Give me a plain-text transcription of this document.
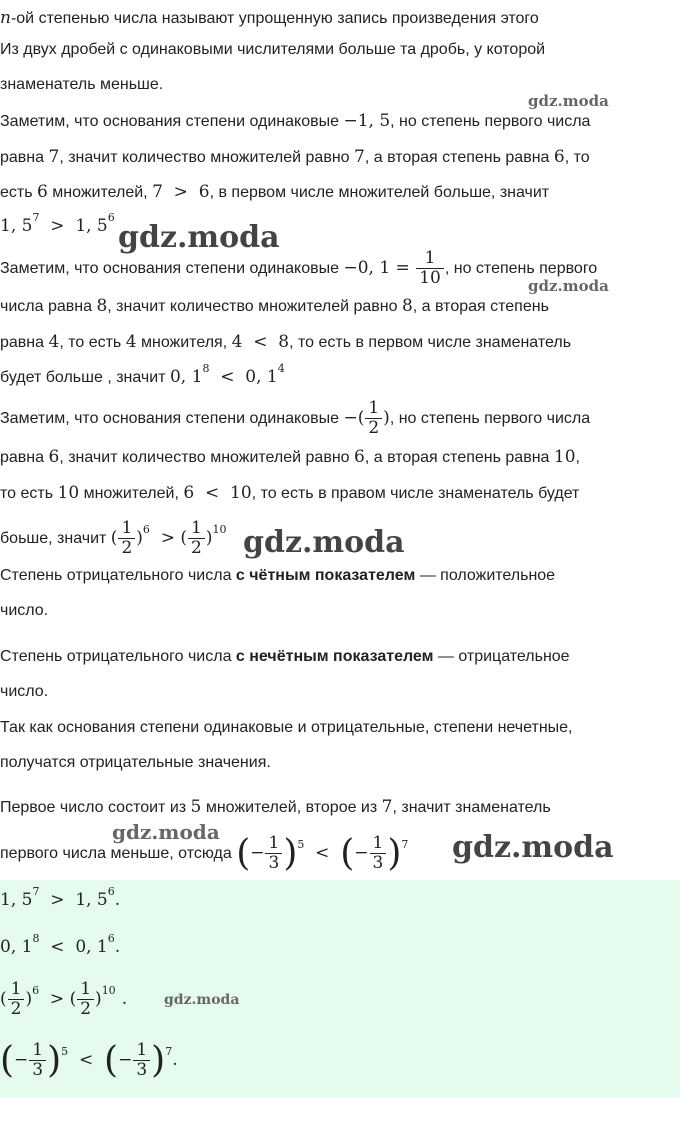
n-ой степенью числа называют упрощенную запись произведения этого
Из двух дробей с одинаковыми числителями больше та дробь, у которой
знаменатель меньше.
Заметим, что основания степени одинаковые −1, 5, но степень первого числа
равна 7, значит количество множителей равно 7, а вторая степень равна 6, то
есть 6 множителей, 7  >  6, в первом числе множителей больше, значит
1, $5^7 > 1$, $5^6$
Заметим, что основания степени одинаковые −0, $1 = \frac{1}{10}$ , но степень первого
числа равна 8, значит количество множителей равно 8, а вторая степень
равна 4, то есть 4 множителя, 4  <  8, то есть в первом числе знаменатель
будет больше , значит 0, $1^8 < 0$, $1^4$
Заметим, что основания степени одинаковые −( $\frac{1}{2}$ ), но степень первого числа
равна 6, значит количество множителей равно 6, а вторая степень равна 10,
то есть 10 множителей, 6  <  10, то есть в правом числе знаменатель будет
боьше, значит ( $\frac{1}{2} )^6$  > ( $\frac{1}{2} )^{10}$
Степень отрицательного числа с чётным показателем — положительное
число.
Степень отрицательного числа с нечётным показателем — отрицательное
число.
Так как основания степени одинаковые и отрицательные, степени нечетные,
получатся отрицательные значения.
Первое число состоит из 5 множителей, второе из 7, значит знаменатель
первого числа меньше, отсюда (− $\frac{1}{3} )^5$  <  (− $\frac{1}{3} )^7$
1, $5^7 > 1$, $5^6$.
0, $1^8 < 0$, $1^6$.
( $\frac{1}{2} )^6$  > ( $\frac{1}{2} )^{10}$ .
(− $\frac{1}{3} )^5$  <  (− $\frac{1}{3} )^7$.
gdz.moda
gdz.moda
gdz.moda
gdz.moda
gdz.moda	gdz.moda
gdz.moda
